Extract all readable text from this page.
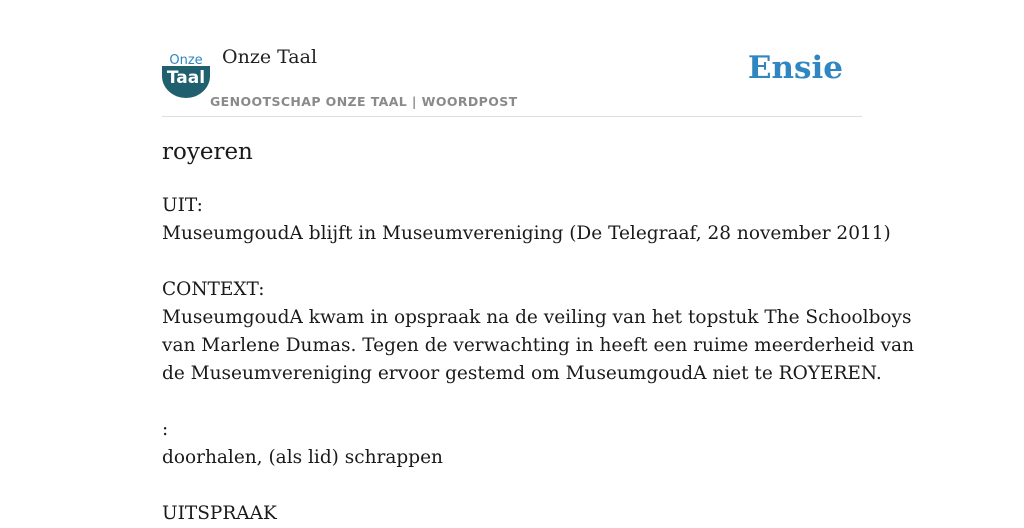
Onze
Taal
Onze Taal
GENOOTSCHAP ONZE TAAL | WOORDPOST
Ensie
royeren
UIT:
MuseumgoudA blijft in Museumvereniging (De Telegraaf, 28 november 2011)
CONTEXT:
MuseumgoudA kwam in opspraak na de veiling van het topstuk The Schoolboys
van Marlene Dumas. Tegen de verwachting in heeft een ruime meerderheid van
de Museumvereniging ervoor gestemd om MuseumgoudA niet te ROYEREN.
:
doorhalen, (als lid) schrappen
UITSPRAAK
